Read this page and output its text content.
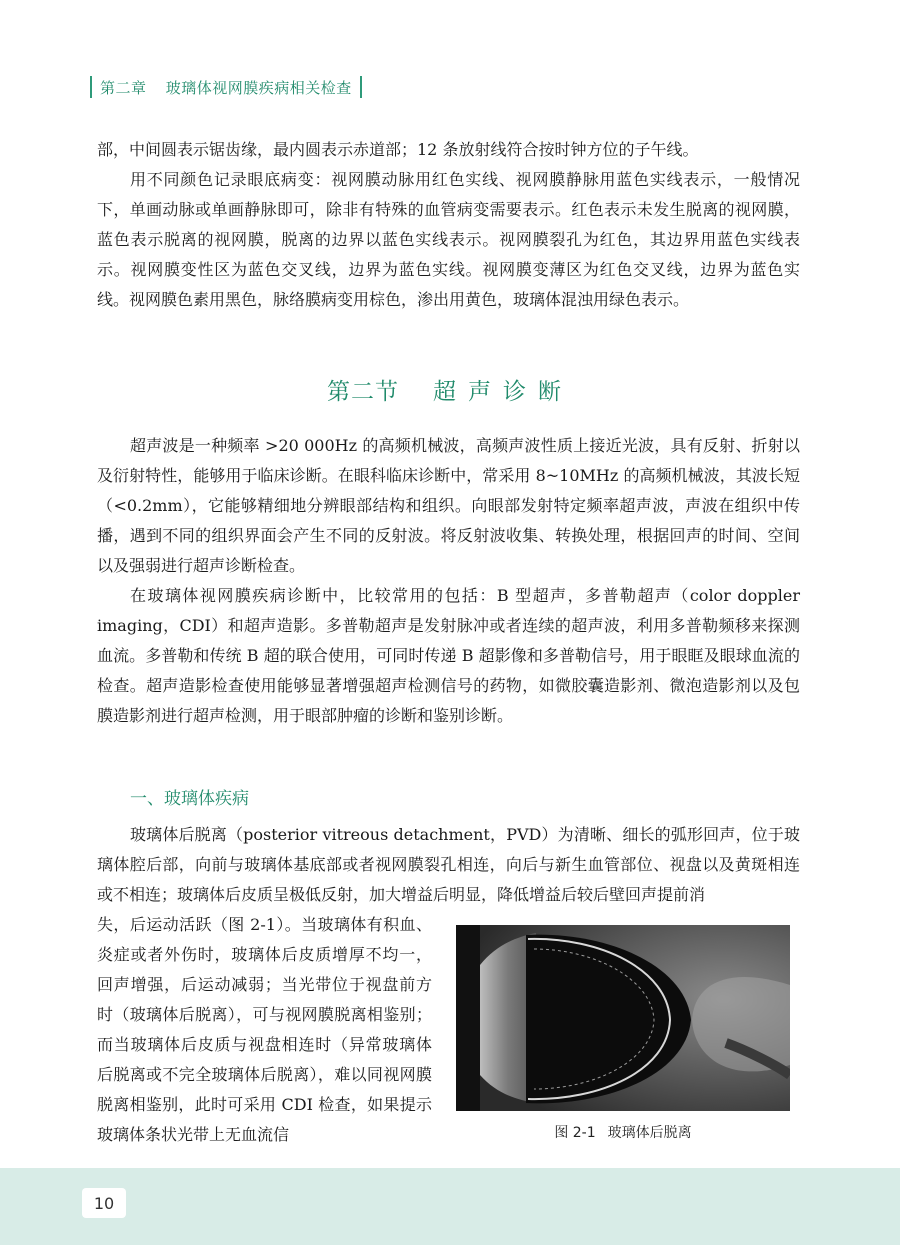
第二章 玻璃体视网膜疾病相关检查

部，中间圆表示锯齿缘，最内圆表示赤道部；12 条放射线符合按时钟方位的子午线。

用不同颜色记录眼底病变：视网膜动脉用红色实线、视网膜静脉用蓝色实线表示，一般情况下，单画动脉或单画静脉即可，除非有特殊的血管病变需要表示。红色表示未发生脱离的视网膜，蓝色表示脱离的视网膜，脱离的边界以蓝色实线表示。视网膜裂孔为红色，其边界用蓝色实线表示。视网膜变性区为蓝色交叉线，边界为蓝色实线。视网膜变薄区为红色交叉线，边界为蓝色实线。视网膜色素用黑色，脉络膜病变用棕色，渗出用黄色，玻璃体混浊用绿色表示。

第二节 超声诊断

超声波是一种频率 >20 000Hz 的高频机械波，高频声波性质上接近光波，具有反射、折射以及衍射特性，能够用于临床诊断。在眼科临床诊断中，常采用 8~10MHz 的高频机械波，其波长短（<0.2mm），它能够精细地分辨眼部结构和组织。向眼部发射特定频率超声波，声波在组织中传播，遇到不同的组织界面会产生不同的反射波。将反射波收集、转换处理，根据回声的时间、空间以及强弱进行超声诊断检查。

在玻璃体视网膜疾病诊断中，比较常用的包括：B 型超声，多普勒超声（color doppler imaging，CDI）和超声造影。多普勒超声是发射脉冲或者连续的超声波，利用多普勒频移来探测血流。多普勒和传统 B 超的联合使用，可同时传递 B 超影像和多普勒信号，用于眼眶及眼球血流的检查。超声造影检查使用能够显著增强超声检测信号的药物，如微胶囊造影剂、微泡造影剂以及包膜造影剂进行超声检测，用于眼部肿瘤的诊断和鉴别诊断。

一、玻璃体疾病

玻璃体后脱离（posterior vitreous detachment，PVD）为清晰、细长的弧形回声，位于玻璃体腔后部，向前与玻璃体基底部或者视网膜裂孔相连，向后与新生血管部位、视盘以及黄斑相连或不相连；玻璃体后皮质呈极低反射，加大增益后明显，降低增益后较后壁回声提前消

失，后运动活跃（图 2-1）。当玻璃体有积血、炎症或者外伤时，玻璃体后皮质增厚不均一，回声增强，后运动减弱；当光带位于视盘前方时（玻璃体后脱离），可与视网膜脱离相鉴别；而当玻璃体后皮质与视盘相连时（异常玻璃体后脱离或不完全玻璃体后脱离），难以同视网膜脱离相鉴别，此时可采用 CDI 检查，如果提示玻璃体条状光带上无血流信	图 2-1 玻璃体后脱离
10
